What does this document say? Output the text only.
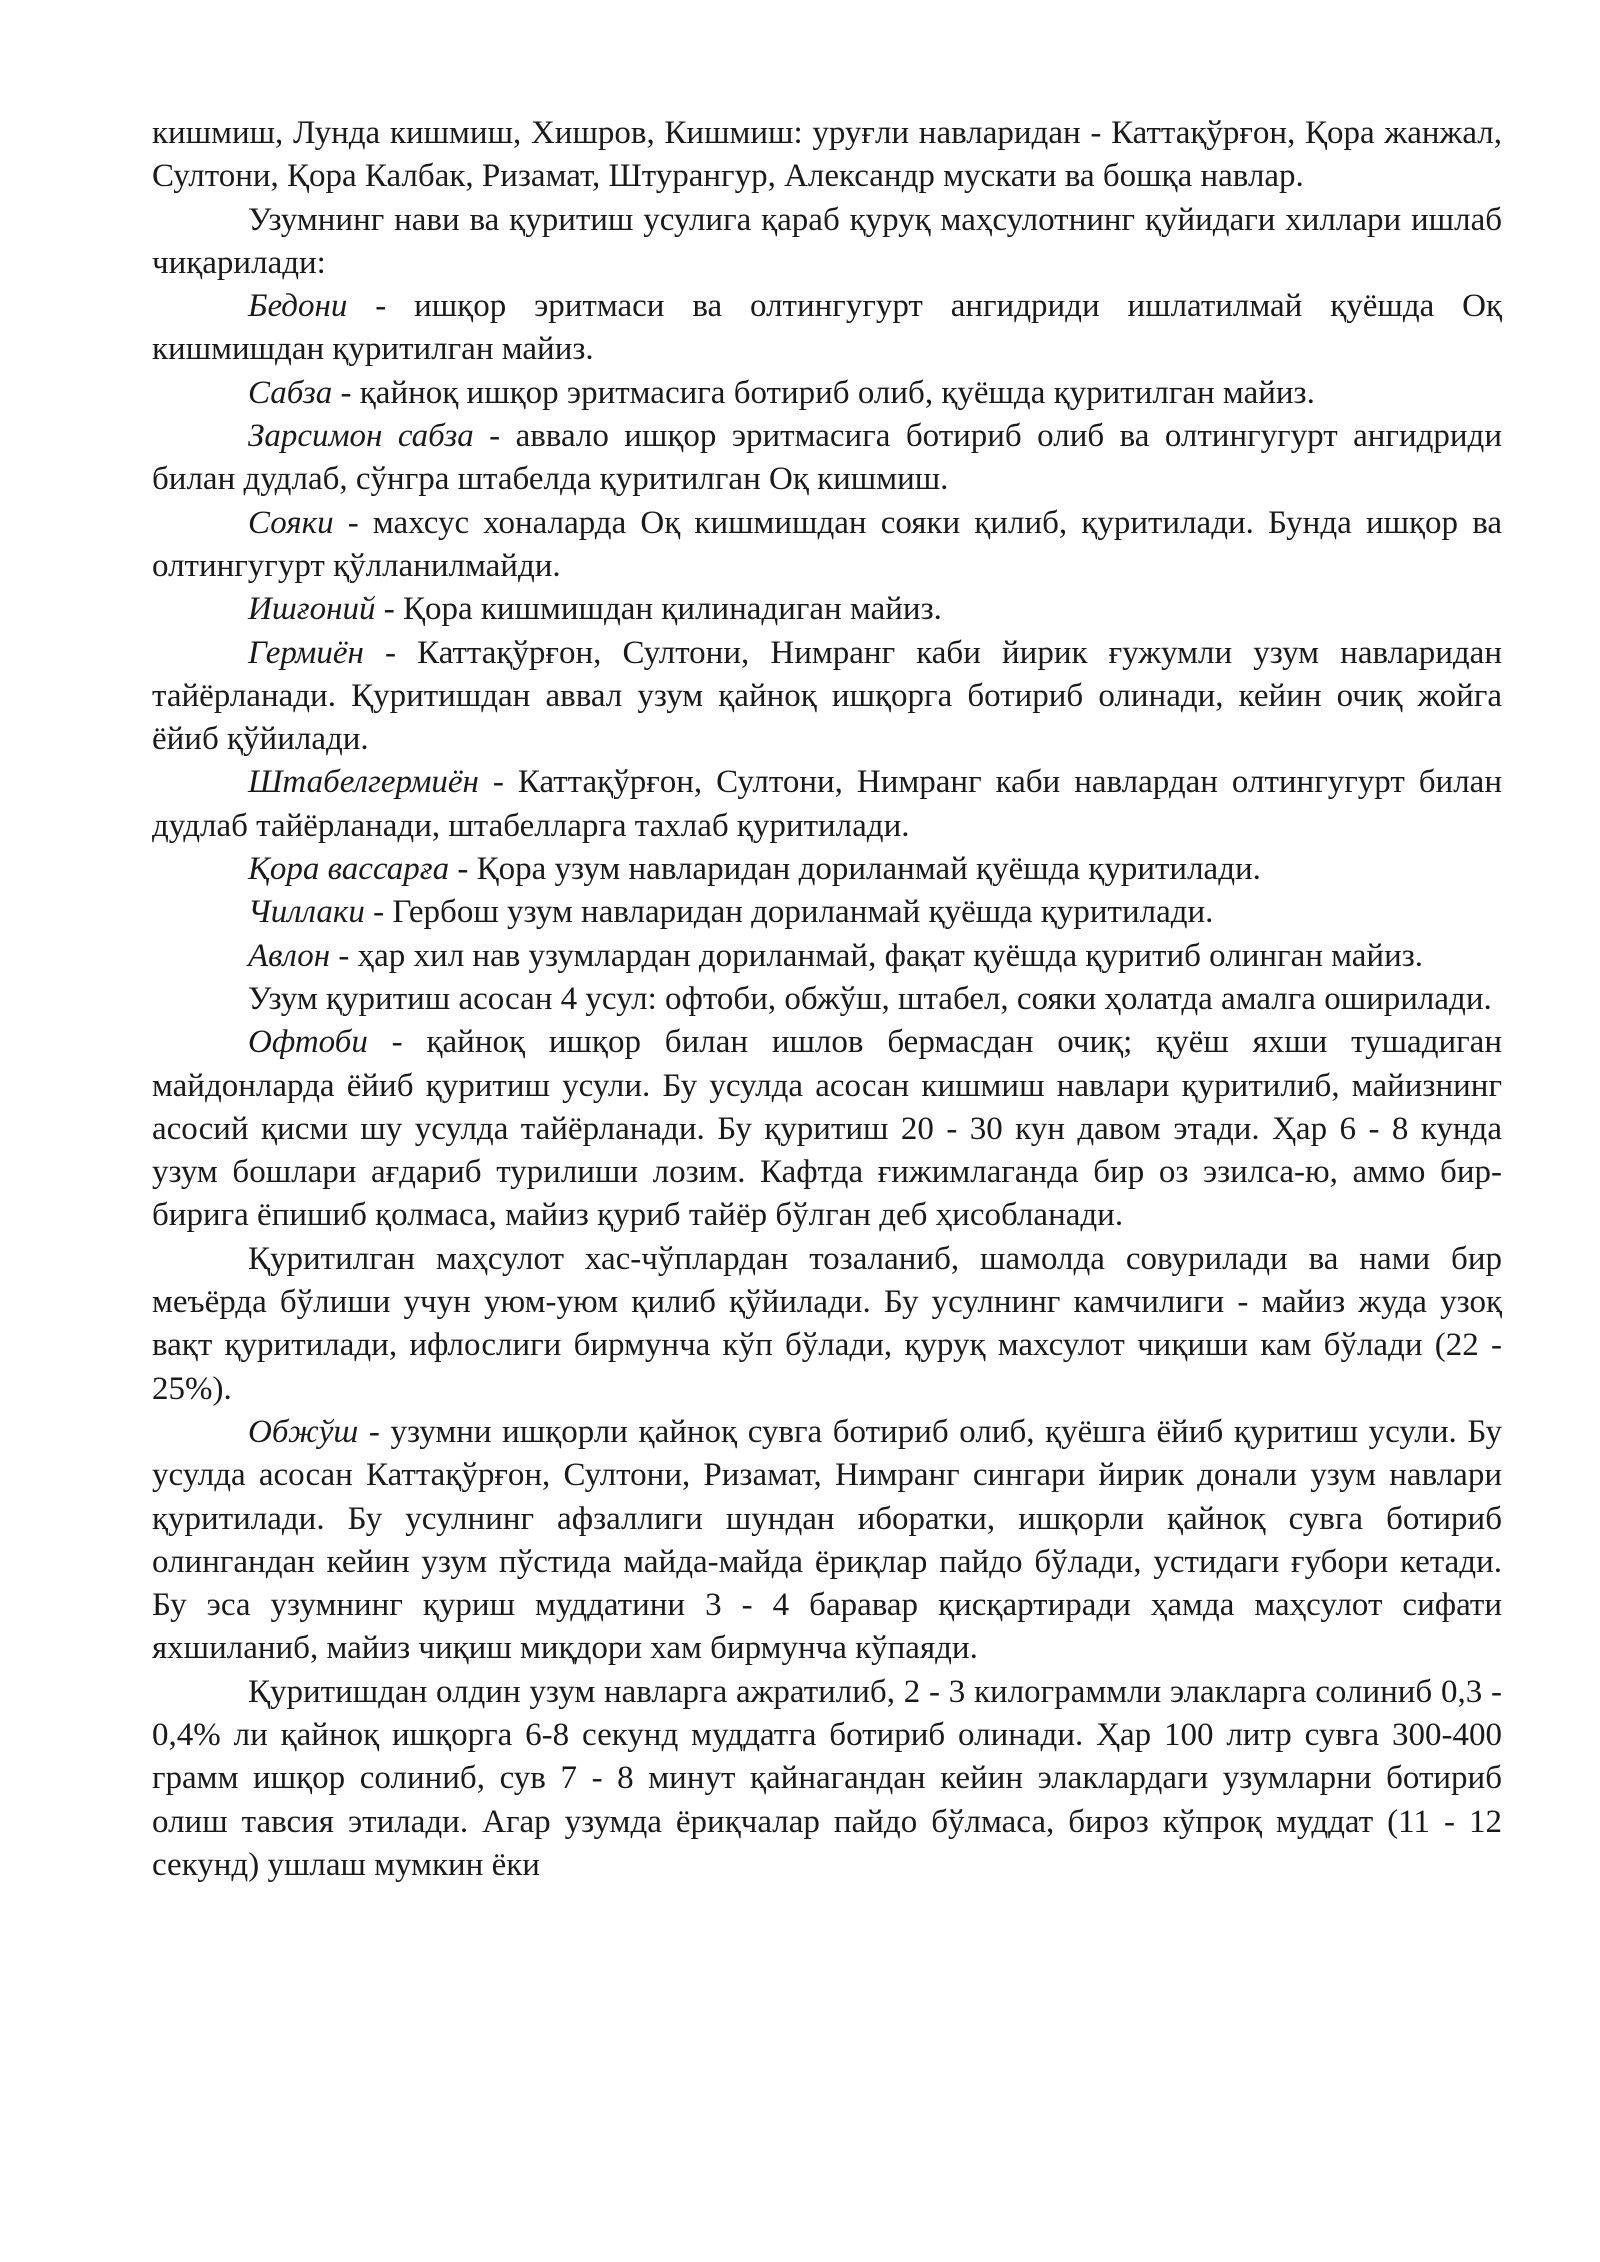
кишмиш, Лунда кишмиш, Хишров, Кишмиш: уруғли навларидан - Каттақўрғон, Қора жанжал, Султони, Қора Калбак, Ризамат, Штурангур, Александр мускати ва бошқа навлар.

Узумнинг нави ва қуритиш усулига қараб қуруқ маҳсулотнинг қуйидаги хиллари ишлаб чиқарилади:

Бедони - ишқор эритмаси ва олтингугурт ангидриди ишлатилмай қуёшда Оқ кишмишдан қуритилган майиз.

Сабза - қайноқ ишқор эритмасига ботириб олиб, қуёшда қуритилган майиз.

Зарсимон сабза - аввало ишқор эритмасига ботириб олиб ва олтингугурт ангидриди билан дудлаб, сўнгра штабелда қуритилган Оқ кишмиш.

Сояки - махсус хоналарда Оқ кишмишдан сояки қилиб, қуритилади. Бунда ишқор ва олтингугурт қўлланилмайди.

Ишғоний - Қора кишмишдан қилинадиган майиз.

Гермиён - Каттақўрғон, Султони, Нимранг каби йирик ғужумли узум навларидан тайёрланади. Қуритишдан аввал узум қайноқ ишқорга ботириб олинади, кейин очиқ жойга ёйиб қўйилади.

Штабелгермиён - Каттақўрғон, Султони, Нимранг каби навлардан олтингугурт билан дудлаб тайёрланади, штабелларга тахлаб қуритилади.

Қора вассарға - Қора узум навларидан дориланмай қуёшда қуритилади.

Чиллаки - Гербош узум навларидан дориланмай қуёшда қуритилади.

Авлон - ҳар хил нав узумлардан дориланмай, фақат қуёшда қуритиб олинган майиз.

Узум қуритиш асосан 4 усул: офтоби, обжўш, штабел, сояки ҳолатда амалга оширилади.

Офтоби - қайноқ ишқор билан ишлов бермасдан очиқ; қуёш яхши тушадиган майдонларда ёйиб қуритиш усули. Бу усулда асосан кишмиш навлари қуритилиб, майизнинг асосий қисми шу усулда тайёрланади. Бу қуритиш 20 - 30 кун давом этади. Ҳар 6 - 8 кунда узум бошлари ағдариб турилиши лозим. Кафтда ғижимлаганда бир оз эзилса-ю, аммо бир-бирига ёпишиб қолмаса, майиз қуриб тайёр бўлган деб ҳисобланади.

Қуритилган маҳсулот хас-чўплардан тозаланиб, шамолда совурилади ва нами бир меъёрда бўлиши учун уюм-уюм қилиб қўйилади. Бу усулнинг камчилиги - майиз жуда узоқ вақт қуритилади, ифлослиги бирмунча кўп бўлади, қуруқ махсулот чиқиши кам бўлади (22 - 25%).

Обжўш - узумни ишқорли қайноқ сувга ботириб олиб, қуёшга ёйиб қуритиш усули. Бу усулда асосан Каттақўрғон, Султони, Ризамат, Нимранг сингари йирик донали узум навлари қуритилади. Бу усулнинг афзаллиги шундан иборатки, ишқорли қайноқ сувга ботириб олингандан кейин узум пўстида майда-майда ёриқлар пайдо бўлади, устидаги ғубори кетади. Бу эса узумнинг қуриш муддатини 3 - 4 баравар қисқартиради ҳамда маҳсулот сифати яхшиланиб, майиз чиқиш миқдори хам бирмунча кўпаяди.

Қуритишдан олдин узум навларга ажратилиб, 2 - 3 килограммли элакларга солиниб 0,3 - 0,4% ли қайноқ ишқорга 6-8 секунд муддатга ботириб олинади. Ҳар 100 литр сувга 300-400 грамм ишқор солиниб, сув 7 - 8 минут қайнагандан кейин элаклардаги узумларни ботириб олиш тавсия этилади. Агар узумда ёриқчалар пайдо бўлмаса, бироз кўпроқ муддат (11 - 12 секунд) ушлаш мумкин ёки
